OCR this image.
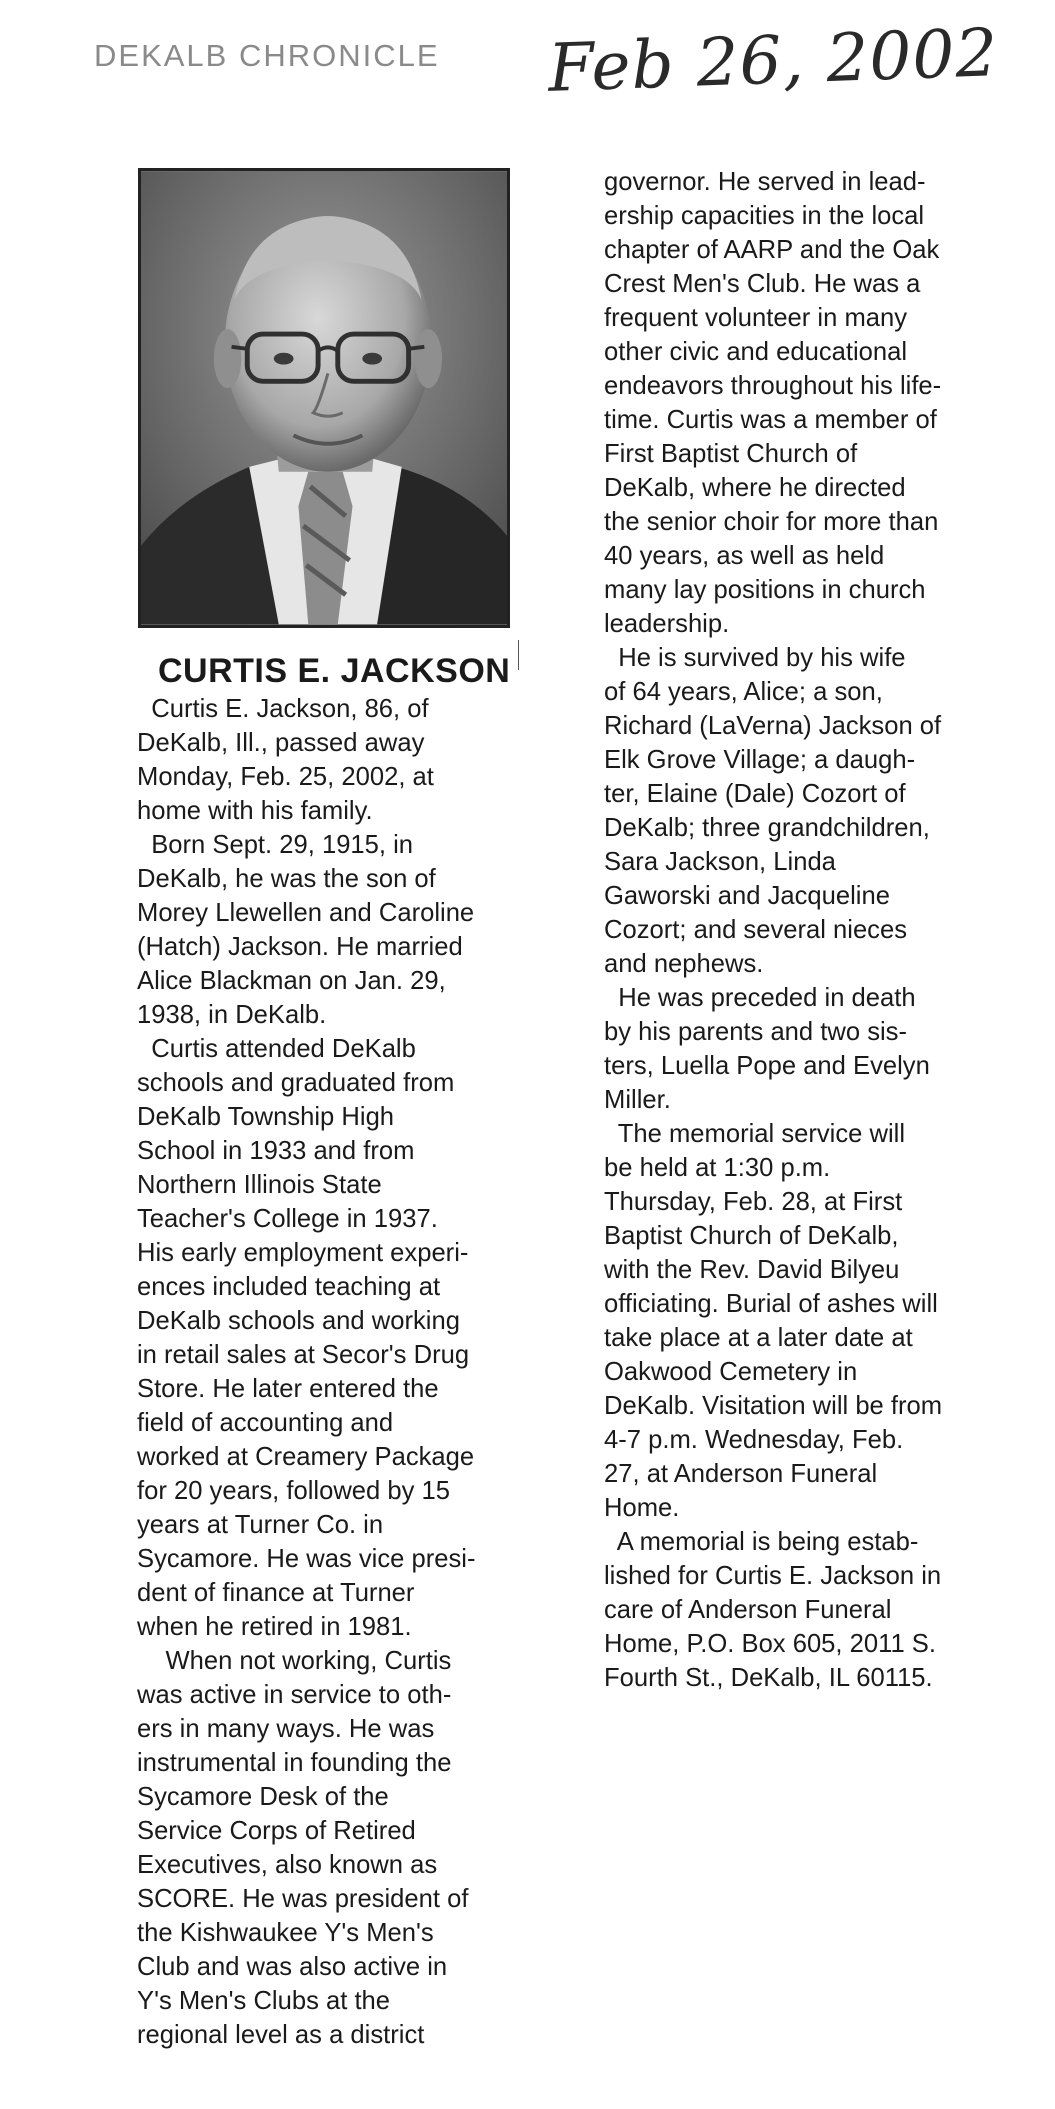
DEKALB CHRONICLE Feb 26, 2002
CURTIS E. JACKSON
Curtis E. Jackson, 86, of
DeKalb, Ill., passed away
Monday, Feb. 25, 2002, at
home with his family.
Born Sept. 29, 1915, in
DeKalb, he was the son of
Morey Llewellen and Caroline
(Hatch) Jackson. He married
Alice Blackman on Jan. 29,
1938, in DeKalb.
Curtis attended DeKalb
schools and graduated from
DeKalb Township High
School in 1933 and from
Northern Illinois State
Teacher's College in 1937.
His early employment experi-
ences included teaching at
DeKalb schools and working
in retail sales at Secor's Drug
Store. He later entered the
field of accounting and
worked at Creamery Package
for 20 years, followed by 15
years at Turner Co. in
Sycamore. He was vice presi-
dent of finance at Turner
when he retired in 1981.
When not working, Curtis
was active in service to oth-
ers in many ways. He was
instrumental in founding the
Sycamore Desk of the
Service Corps of Retired
Executives, also known as
SCORE. He was president of
the Kishwaukee Y's Men's
Club and was also active in
Y's Men's Clubs at the
regional level as a district
governor. He served in lead-
ership capacities in the local
chapter of AARP and the Oak
Crest Men's Club. He was a
frequent volunteer in many
other civic and educational
endeavors throughout his life-
time. Curtis was a member of
First Baptist Church of
DeKalb, where he directed
the senior choir for more than
40 years, as well as held
many lay positions in church
leadership.
He is survived by his wife
of 64 years, Alice; a son,
Richard (LaVerna) Jackson of
Elk Grove Village; a daugh-
ter, Elaine (Dale) Cozort of
DeKalb; three grandchildren,
Sara Jackson, Linda
Gaworski and Jacqueline
Cozort; and several nieces
and nephews.
He was preceded in death
by his parents and two sis-
ters, Luella Pope and Evelyn
Miller.
The memorial service will
be held at 1:30 p.m.
Thursday, Feb. 28, at First
Baptist Church of DeKalb,
with the Rev. David Bilyeu
officiating. Burial of ashes will
take place at a later date at
Oakwood Cemetery in
DeKalb. Visitation will be from
4-7 p.m. Wednesday, Feb.
27, at Anderson Funeral
Home.
A memorial is being estab-
lished for Curtis E. Jackson in
care of Anderson Funeral
Home, P.O. Box 605, 2011 S.
Fourth St., DeKalb, IL 60115.
